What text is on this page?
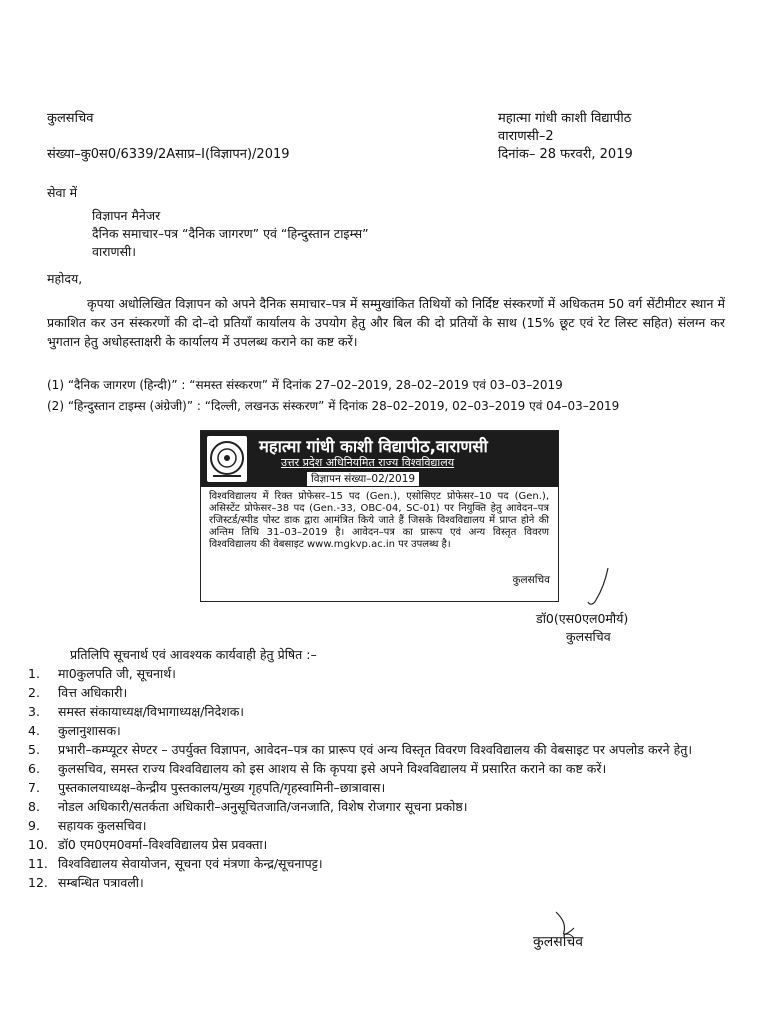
कुलसचिव
संख्या–कु0स0/6339/2Aसाप्र–I(विज्ञापन)/2019
महात्मा गांधी काशी विद्यापीठ
वाराणसी–2
दिनांक– 28 फरवरी, 2019
सेवा में
विज्ञापन मैनेजर
दैनिक समाचार–पत्र “दैनिक जागरण” एवं “हिन्दुस्तान टाइम्स”
वाराणसी।
महोदय,
कृपया अधोलिखित विज्ञापन को अपने दैनिक समाचार–पत्र में सम्मुखांकित तिथियों को निर्दिष्ट संस्करणों में अधिकतम 50 वर्ग सेंटीमीटर स्थान में प्रकाशित कर उन संस्करणों की दो–दो प्रतियाँ कार्यालय के उपयोग हेतु और बिल की दो प्रतियों के साथ (15% छूट एवं रेट लिस्ट सहित) संलग्न कर भुगतान हेतु अधोहस्ताक्षरी के कार्यालय में उपलब्ध कराने का कष्ट करें।
(1) “दैनिक जागरण (हिन्दी)” : “समस्त संस्करण” में दिनांक 27–02–2019, 28–02–2019 एवं 03–03–2019
(2) “हिन्दुस्तान टाइम्स (अंग्रेजी)” : “दिल्ली, लखनऊ संस्करण” में दिनांक 28–02–2019, 02–03–2019 एवं 04–03–2019
महात्मा गांधी काशी विद्यापीठ,वाराणसी
उत्तर प्रदेश अधिनियमित राज्य विश्वविद्यालय
विज्ञापन संख्या–02/2019
विश्वविद्यालय में रिक्त प्रोफेसर–15 पद (Gen.), एसोसिएट प्रोफेसर–10 पद (Gen.), असिस्टेंट प्रोफेसर–38 पद (Gen.-33, OBC-04, SC-01) पर नियुक्ति हेतु आवेदन–पत्र रजिस्टर्ड/स्पीड पोस्ट डाक द्वारा आमंत्रित किये जाते हैं जिसके विश्वविद्यालय में प्राप्त होने की अन्तिम तिथि 31–03–2019 है। आवेदन–पत्र का प्रारूप एवं अन्य विस्तृत विवरण विश्वविद्यालय की वेबसाइट www.mgkvp.ac.in पर उपलब्ध है।
कुलसचिव
डॉ0(एस0एल0मौर्य)
कुलसचिव
प्रतिलिपि सूचनार्थ एवं आवश्यक कार्यवाही हेतु प्रेषित :–
1.	मा0कुलपति जी, सूचनार्थ।
2.	वित्त अधिकारी।
3.	समस्त संकायाध्यक्ष/विभागाध्यक्ष/निदेशक।
4.	कुलानुशासक।
5.	प्रभारी–कम्प्यूटर सेण्टर – उपर्युक्त विज्ञापन, आवेदन–पत्र का प्रारूप एवं अन्य विस्तृत विवरण विश्वविद्यालय की वेबसाइट पर अपलोड करने हेतु।
6.	कुलसचिव, समस्त राज्य विश्वविद्यालय को इस आशय से कि कृपया इसे अपने विश्वविद्यालय में प्रसारित कराने का कष्ट करें।
7.	पुस्तकालयाध्यक्ष–केन्द्रीय पुस्तकालय/मुख्य गृहपति/गृहस्वामिनी–छात्रावास।
8.	नोडल अधिकारी/सतर्कता अधिकारी–अनुसूचितजाति/जनजाति, विशेष रोजगार सूचना प्रकोष्ठ।
9.	सहायक कुलसचिव।
10. डॉ0 एम0एम0वर्मा–विश्वविद्यालय प्रेस प्रवक्ता।
11. विश्वविद्यालय सेवायोजन, सूचना एवं मंत्रणा केन्द्र/सूचनापट्ट।
12. सम्बन्धित पत्रावली।
कुलसचिव
